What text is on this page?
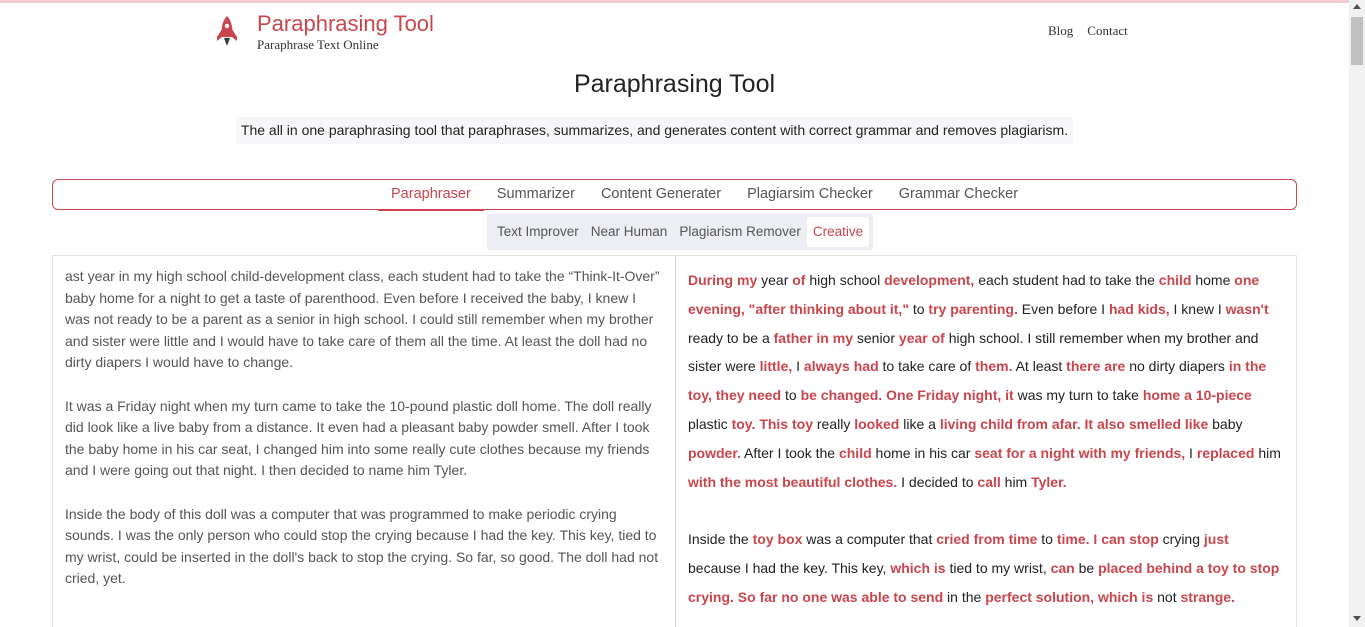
Paraphrasing Tool
Paraphrase Text Online
Blog Contact
Paraphrasing Tool
The all in one paraphrasing tool that paraphrases, summarizes, and generates content with correct grammar and removes plagiarism.
Paraphraser	Summarizer	Content Generater	Plagiarsim Checker	Grammar Checker
Text Improver Near Human Plagiarism Remover Creative

ast year in my high school child-development class, each student had to take the “Think-It-Over” baby home for a night to get a taste of parenthood. Even before I received the baby, I knew I was not ready to be a parent as a senior in high school. I could still remember when my brother and sister were little and I would have to take care of them all the time. At least the doll had no dirty diapers I would have to change.

It was a Friday night when my turn came to take the 10-pound plastic doll home. The doll really did look like a live baby from a distance. It even had a pleasant baby powder smell. After I took the baby home in his car seat, I changed him into some really cute clothes because my friends and I were going out that night. I then decided to name him Tyler.

Inside the body of this doll was a computer that was programmed to make periodic crying sounds. I was the only person who could stop the crying because I had the key. This key, tied to my wrist, could be inserted in the doll's back to stop the crying. So far, so good. The doll had not cried, yet.

During my year of high school development, each student had to take the child home one evening, "after thinking about it," to try parenting. Even before I had kids, I knew I wasn't ready to be a father in my senior year of high school. I still remember when my brother and sister were little, I always had to take care of them. At least there are no dirty diapers in the toy, they need to be changed. One Friday night, it was my turn to take home a 10-piece plastic toy. This toy really looked like a living child from afar. It also smelled like baby powder. After I took the child home in his car seat for a night with my friends, I replaced him with the most beautiful clothes. I decided to call him Tyler.

Inside the toy box was a computer that cried from time to time. I can stop crying just because I had the key. This key, which is tied to my wrist, can be placed behind a toy to stop crying. So far no one was able to send in the perfect solution, which is not strange.
